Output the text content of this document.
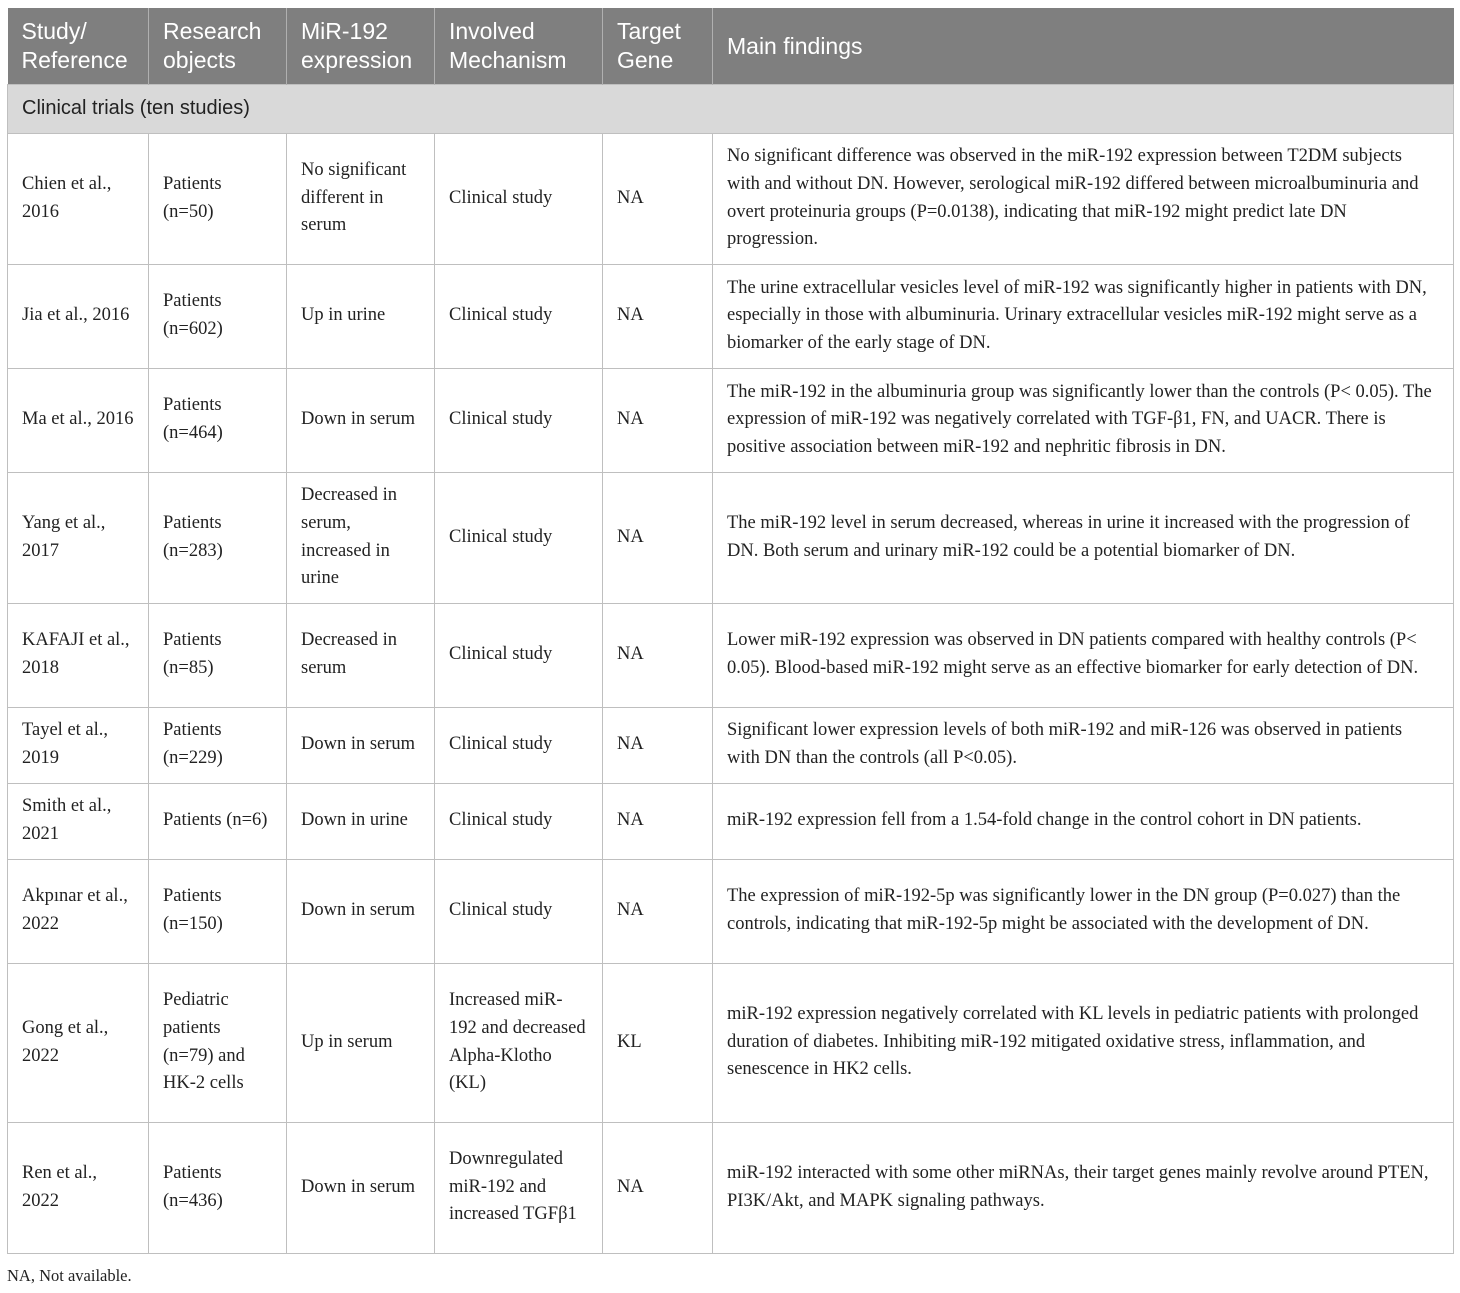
Study/ Reference	Research objects	MiR-192 expression	Involved Mechanism	Target Gene	Main findings
Clinical trials (ten studies)					
Chien et al., 2016	Patients (n=50)	No significant different in serum	Clinical study	NA	No significant difference was observed in the miR-192 expression between T2DM subjects with and without DN. However, serological miR-192 differed between microalbuminuria and overt proteinuria groups (P=0.0138), indicating that miR-192 might predict late DN progression.
Jia et al., 2016	Patients (n=602)	Up in urine	Clinical study	NA	The urine extracellular vesicles level of miR-192 was significantly higher in patients with DN, especially in those with albuminuria. Urinary extracellular vesicles miR-192 might serve as a biomarker of the early stage of DN.
Ma et al., 2016	Patients (n=464)	Down in serum	Clinical study	NA	The miR-192 in the albuminuria group was significantly lower than the controls (P< 0.05). The expression of miR-192 was negatively correlated with TGF-β1, FN, and UACR. There is positive association between miR-192 and nephritic fibrosis in DN.
Yang et al., 2017	Patients (n=283)	Decreased in serum, increased in urine	Clinical study	NA	The miR-192 level in serum decreased, whereas in urine it increased with the progression of DN. Both serum and urinary miR-192 could be a potential biomarker of DN.
KAFAJI et al., 2018	Patients (n=85)	Decreased in serum	Clinical study	NA	Lower miR-192 expression was observed in DN patients compared with healthy controls (P< 0.05). Blood-based miR-192 might serve as an effective biomarker for early detection of DN.
Tayel et al., 2019	Patients (n=229)	Down in serum	Clinical study	NA	Significant lower expression levels of both miR-192 and miR-126 was observed in patients with DN than the controls (all P<0.05).
Smith et al., 2021	Patients (n=6)	Down in urine	Clinical study	NA	miR-192 expression fell from a 1.54-fold change in the control cohort in DN patients.
Akpınar et al., 2022	Patients (n=150)	Down in serum	Clinical study	NA	The expression of miR-192-5p was significantly lower in the DN group (P=0.027) than the controls, indicating that miR-192-5p might be associated with the development of DN.
Gong et al., 2022	Pediatric patients (n=79) and HK-2 cells	Up in serum	Increased miR-192 and decreased Alpha-Klotho (KL)	KL	miR-192 expression negatively correlated with KL levels in pediatric patients with prolonged duration of diabetes. Inhibiting miR-192 mitigated oxidative stress, inflammation, and senescence in HK2 cells.
Ren et al., 2022	Patients (n=436)	Down in serum	Downregulated miR-192 and increased TGFβ1	NA	miR-192 interacted with some other miRNAs, their target genes mainly revolve around PTEN, PI3K/Akt, and MAPK signaling pathways.
NA, Not available.
